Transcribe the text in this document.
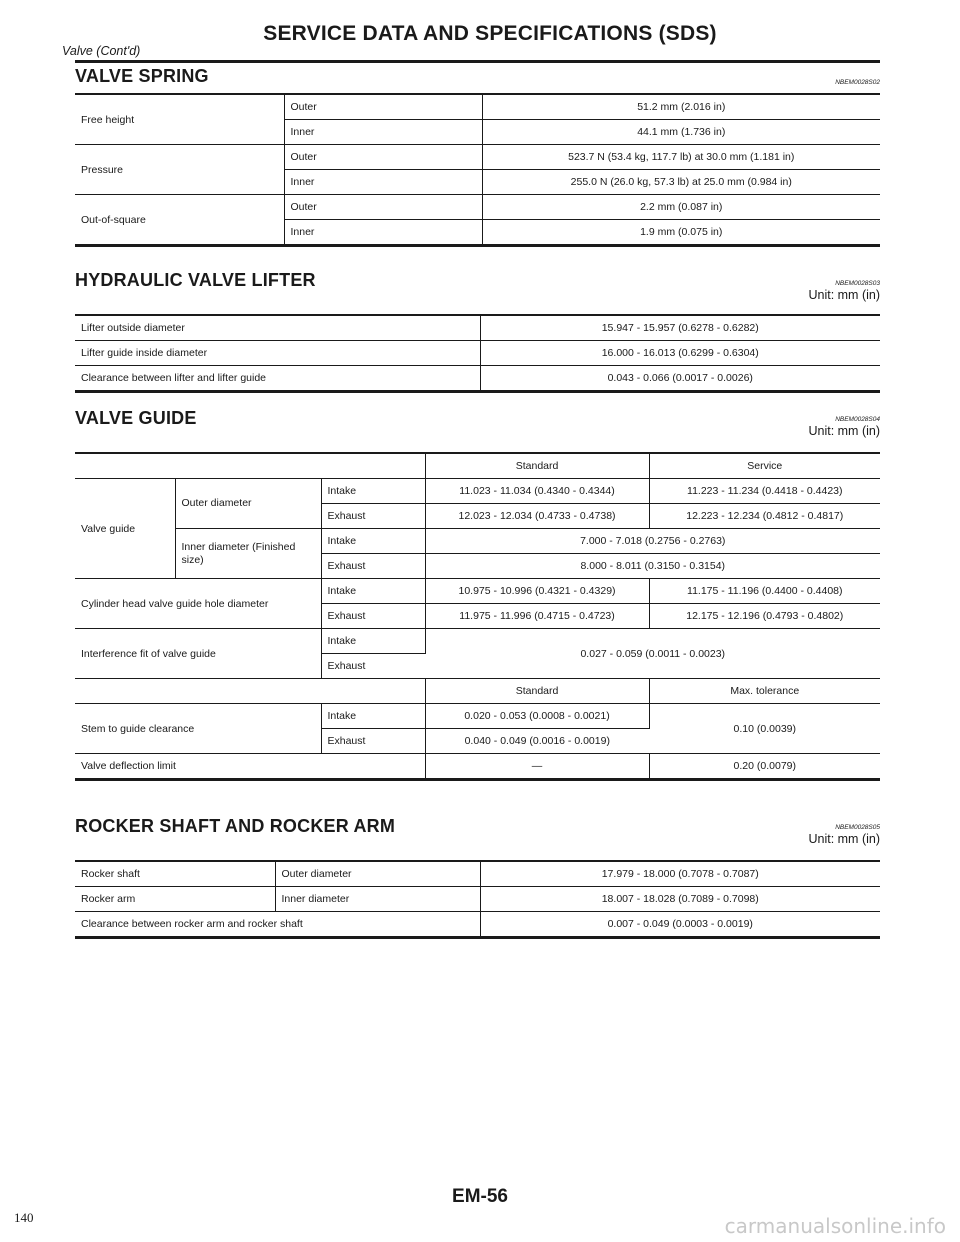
SERVICE DATA AND SPECIFICATIONS (SDS)
Valve (Cont'd)
VALVE SPRING	NBEM0028S02
Free height	Outer	51.2 mm (2.016 in)
	Inner	44.1 mm (1.736 in)
Pressure	Outer	523.7 N (53.4 kg, 117.7 lb) at 30.0 mm (1.181 in)
	Inner	255.0 N (26.0 kg, 57.3 lb) at 25.0 mm (0.984 in)
Out-of-square	Outer	2.2 mm (0.087 in)
	Inner	1.9 mm (0.075 in)
HYDRAULIC VALVE LIFTER	NBEM0028S03
Unit: mm (in)
Lifter outside diameter	15.947 - 15.957 (0.6278 - 0.6282)
Lifter guide inside diameter	16.000 - 16.013 (0.6299 - 0.6304)
Clearance between lifter and lifter guide	0.043 - 0.066 (0.0017 - 0.0026)
VALVE GUIDE	NBEM0028S04
Unit: mm (in)
			Standard	Service
Valve guide	Outer diameter	Intake	11.023 - 11.034 (0.4340 - 0.4344)	11.223 - 11.234 (0.4418 - 0.4423)
		Exhaust	12.023 - 12.034 (0.4733 - 0.4738)	12.223 - 12.234 (0.4812 - 0.4817)
	Inner diameter (Finished size)	Intake	7.000 - 7.018 (0.2756 - 0.2763)	
		Exhaust	8.000 - 8.011 (0.3150 - 0.3154)	
Cylinder head valve guide hole diameter		Intake	10.975 - 10.996 (0.4321 - 0.4329)	11.175 - 11.196 (0.4400 - 0.4408)
		Exhaust	11.975 - 11.996 (0.4715 - 0.4723)	12.175 - 12.196 (0.4793 - 0.4802)
Interference fit of valve guide		Intake	0.027 - 0.059 (0.0011 - 0.0023)	
		Exhaust		
			Standard	Max. tolerance
Stem to guide clearance		Intake	0.020 - 0.053 (0.0008 - 0.0021)	0.10 (0.0039)
		Exhaust	0.040 - 0.049 (0.0016 - 0.0019)	
Valve deflection limit			—	0.20 (0.0079)
ROCKER SHAFT AND ROCKER ARM	NBEM0028S05
Unit: mm (in)
Rocker shaft	Outer diameter	17.979 - 18.000 (0.7078 - 0.7087)
Rocker arm	Inner diameter	18.007 - 18.028 (0.7089 - 0.7098)
Clearance between rocker arm and rocker shaft		0.007 - 0.049 (0.0003 - 0.0019)
EM-56
140	carmanualsonline.info
